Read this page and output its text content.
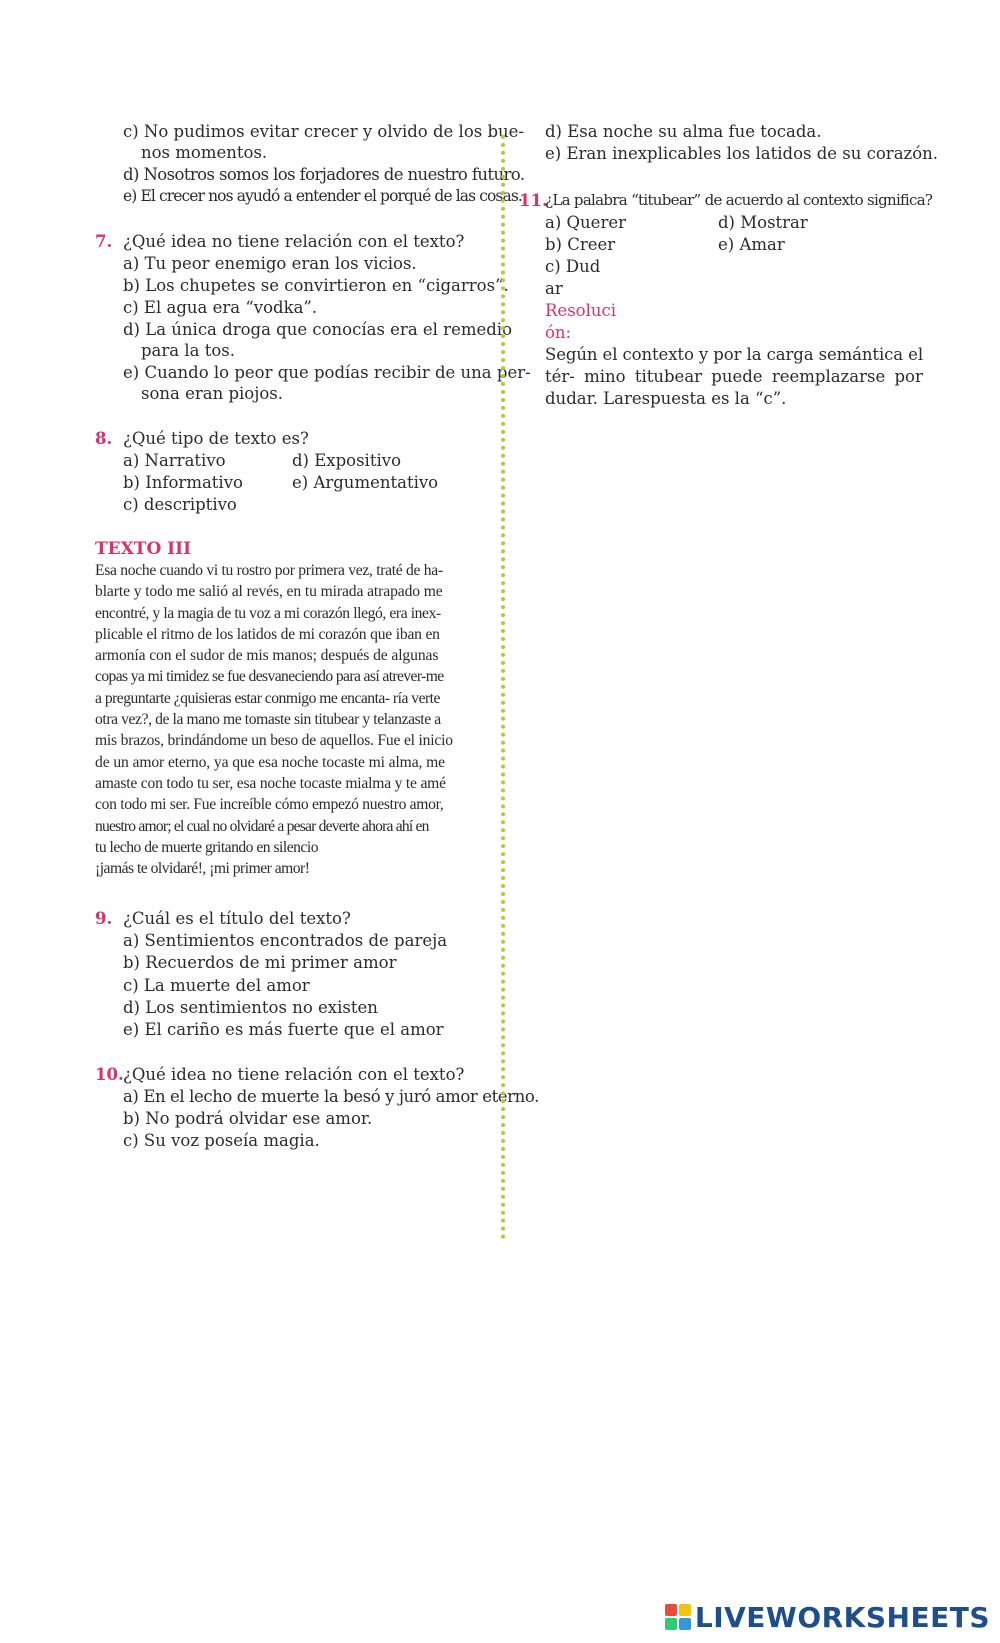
c) No pudimos evitar crecer y olvido de los bue-
nos momentos.
d) Nosotros somos los forjadores de nuestro futuro.
e) El crecer nos ayudó a entender el porqué de las cosas.
7. ¿Qué idea no tiene relación con el texto?
a) Tu peor enemigo eran los vicios.
b) Los chupetes se convirtieron en “cigarros”.
c) El agua era “vodka”.
d) La única droga que conocías era el remedio
para la tos.
e) Cuando lo peor que podías recibir de una per-
sona eran piojos.
8. ¿Qué tipo de texto es?
a) Narrativo	d) Expositivo
b) Informativo	e) Argumentativo
c) descriptivo
TEXTO III
Esa noche cuando vi tu rostro por primera vez, traté de ha-
blarte y todo me salió al revés, en tu mirada atrapado me
encontré, y la magia de tu voz a mi corazón llegó, era inex-
plicable el ritmo de los latidos de mi corazón que iban en
armonía con el sudor de mis manos; después de algunas
copas ya mi timidez se fue desvaneciendo para así atrever-me
a preguntarte ¿quisieras estar conmigo me encanta- ría verte
otra vez?, de la mano me tomaste sin titubear y telanzaste a
mis brazos, brindándome un beso de aquellos. Fue el inicio
de un amor eterno, ya que esa noche tocaste mi alma, me
amaste con todo tu ser, esa noche tocaste mialma y te amé
con todo mi ser. Fue increíble cómo empezó nuestro amor,
nuestro amor; el cual no olvidaré a pesar deverte ahora ahí en
tu lecho de muerte gritando en silencio
¡jamás te olvidaré!, ¡mi primer amor!
9. ¿Cuál es el título del texto?
a) Sentimientos encontrados de pareja
b) Recuerdos de mi primer amor
c) La muerte del amor
d) Los sentimientos no existen
e) El cariño es más fuerte que el amor
10. ¿Qué idea no tiene relación con el texto?
a) En el lecho de muerte la besó y juró amor eterno.
b) No podrá olvidar ese amor.
c) Su voz poseía magia.
d) Esa noche su alma fue tocada.
e) Eran inexplicables los latidos de su corazón.
11.
¿La palabra “titubear” de acuerdo al contexto significa?
a) Querer	d) Mostrar
b) Creer	e) Amar
c) Dud
ar
Resoluci
ón:
Según el contexto y por la carga semántica el
tér- mino titubear puede reemplazarse por
dudar. Larespuesta es la “c”.
LIVEWORKSHEETS
